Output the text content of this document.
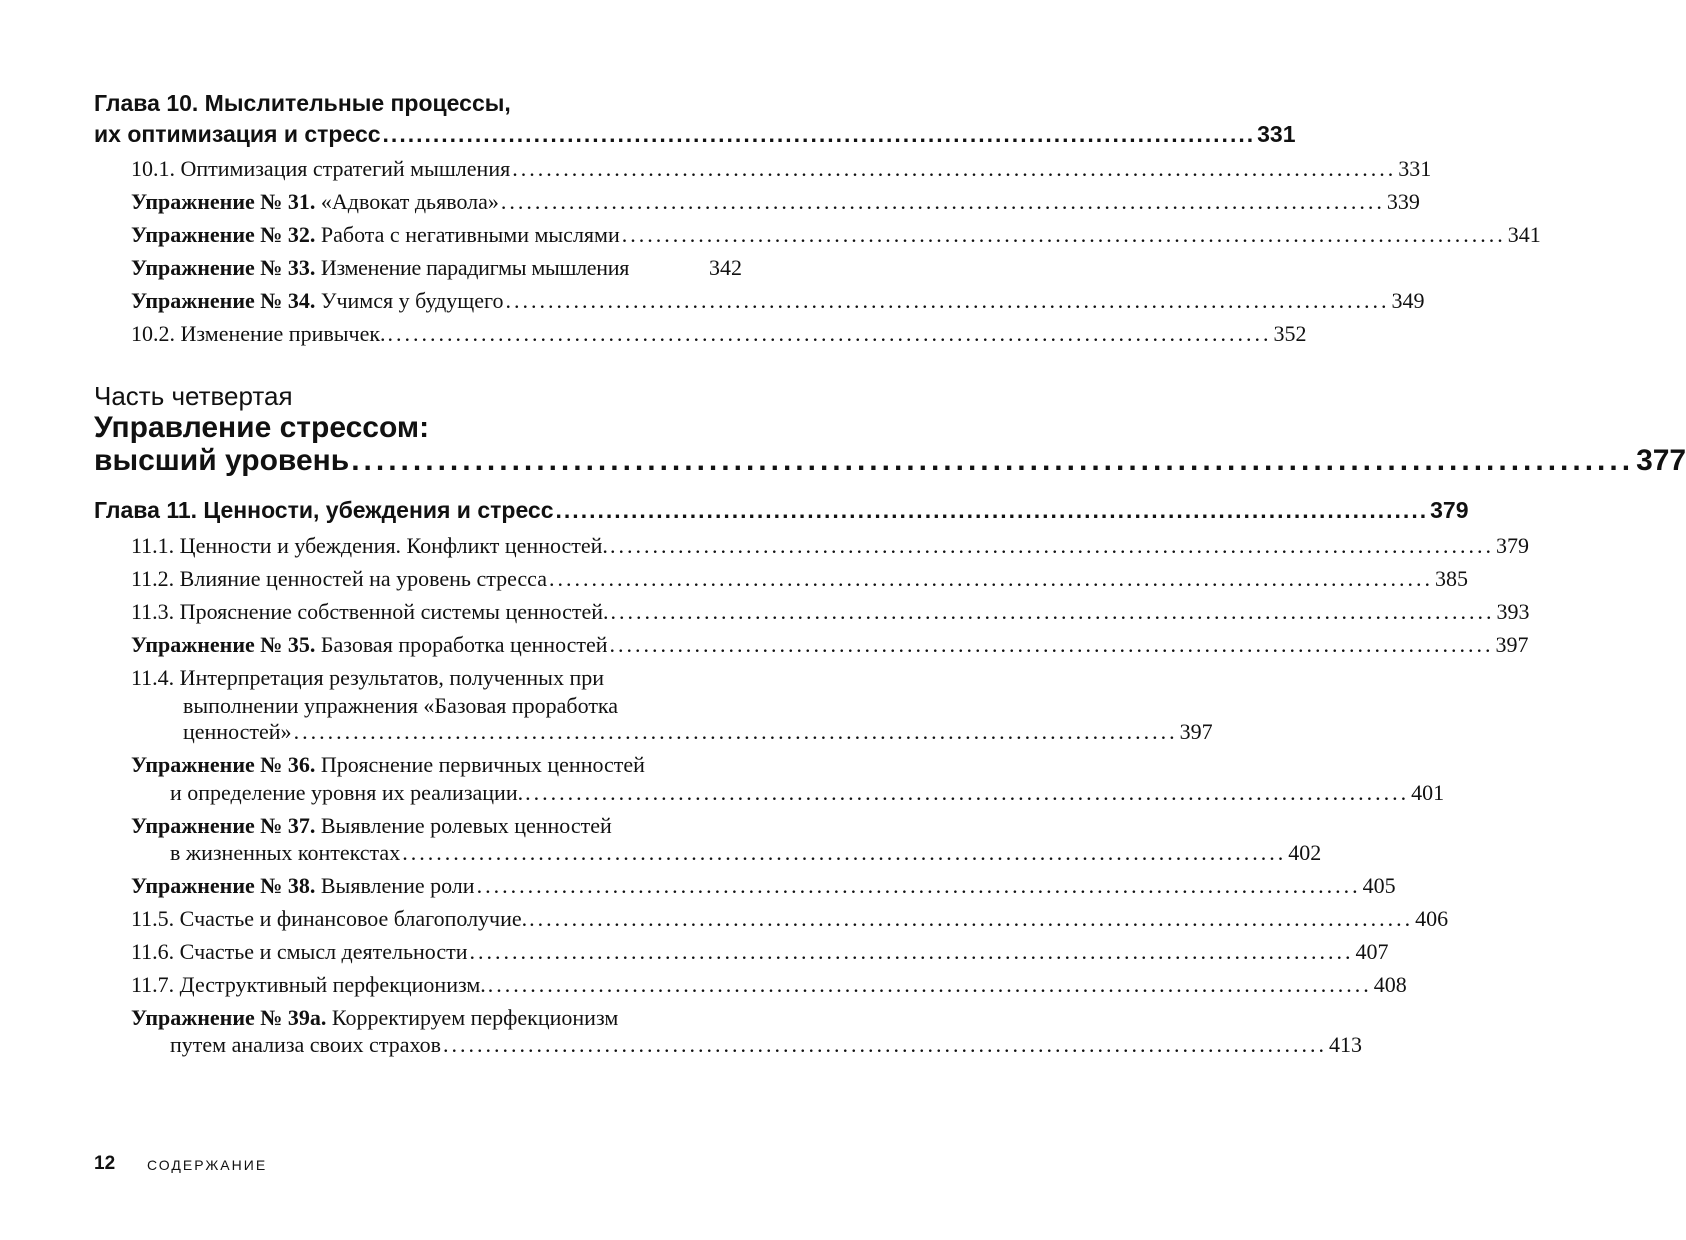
Глава 10. Мыслительные процессы,
их оптимизация и стресс ........................................................................................................ 331
10.1. Оптимизация стратегий мышления ........................................................................................................ 331
Упражнение № 31.
«Адвокат дьявола» ........................................................................................................ 339
Упражнение № 32.
Работа с негативными мыслями ........................................................................................................ 341
Упражнение № 33.
Изменение парадигмы мышления	342
Упражнение № 34.
Учимся у будущего ........................................................................................................ 349
10.2. Изменение привычек. ........................................................................................................ 352
Часть четвертая
Управление стрессом:
высший уровень ........................................................................................................ 377
Глава 11. Ценности, убеждения и стресс ........................................................................................................ 379
11.1. Ценности и убеждения. Конфликт ценностей. ........................................................................................................ 379
11.2. Влияние ценностей на уровень стресса ........................................................................................................ 385
11.3. Прояснение собственной системы ценностей. ........................................................................................................ 393
Упражнение № 35.
Базовая проработка ценностей ........................................................................................................ 397
11.4. Интерпретация результатов, полученных при
выполнении упражнения «Базовая проработка
ценностей» ........................................................................................................ 397
Упражнение № 36.
Прояснение первичных ценностей
и определение уровня их реализации. ........................................................................................................ 401
Упражнение № 37.
Выявление ролевых ценностей
в жизненных контекстах ........................................................................................................ 402
Упражнение № 38.
Выявление роли ........................................................................................................ 405
11.5. Счастье и финансовое благополучие. ........................................................................................................ 406
11.6. Счастье и смысл деятельности ........................................................................................................ 407
11.7. Деструктивный перфекционизм. ........................................................................................................ 408
Упражнение № 39а.
Корректируем перфекционизм
путем анализа своих страхов ........................................................................................................ 413
12 СОДЕРЖАНИЕ
